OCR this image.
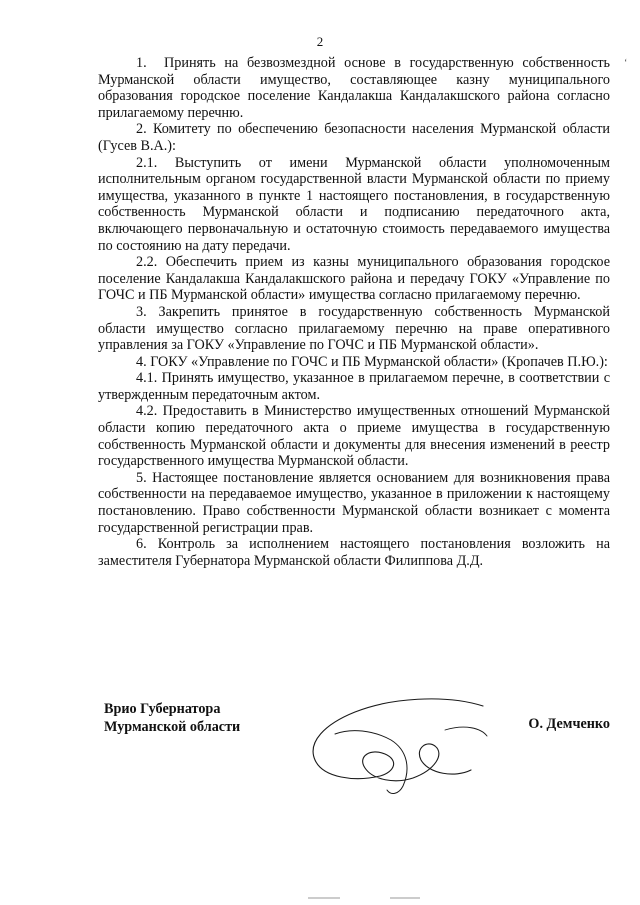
2
‘

1.  Принять на безвозмездной основе в государственную собственность Мурманской области имущество, составляющее казну муниципального образования городское поселение Кандалакша Кандалакшского района согласно прилагаемому перечню.

2. Комитету по обеспечению безопасности населения Мурманской области (Гусев В.А.):

2.1. Выступить от имени Мурманской области уполномоченным исполнительным органом государственной власти Мурманской области по приему имущества, указанного в пункте 1 настоящего постановления, в государственную собственность Мурманской области и подписанию передаточного акта, включающего первоначальную и остаточную стоимость передаваемого имущества по состоянию на дату передачи.

2.2. Обеспечить прием из казны муниципального образования городское поселение Кандалакша Кандалакшского района и передачу ГОКУ «Управление по ГОЧС и ПБ Мурманской области» имущества согласно прилагаемому перечню.

3. Закрепить принятое в государственную собственность Мурманской области имущество согласно прилагаемому перечню на праве оперативного управления за ГОКУ «Управление по ГОЧС и ПБ Мурманской области».

4. ГОКУ «Управление по ГОЧС и ПБ Мурманской области» (Кропачев П.Ю.):

4.1. Принять имущество, указанное в прилагаемом перечне, в соответствии с утвержденным передаточным актом.

4.2. Предоставить в Министерство имущественных отношений Мурманской области копию передаточного акта о приеме имущества в государственную собственность Мурманской области и документы для внесения изменений в реестр государственного имущества Мурманской области.

5. Настоящее постановление является основанием для возникновения права собственности на передаваемое имущество, указанное в приложении к настоящему постановлению. Право собственности Мурманской области возникает с момента государственной регистрации прав.

6. Контроль за исполнением настоящего постановления возложить на заместителя Губернатора Мурманской области Филиппова Д.Д.

Врио Губернатора
Мурманской области	О. Демченко
